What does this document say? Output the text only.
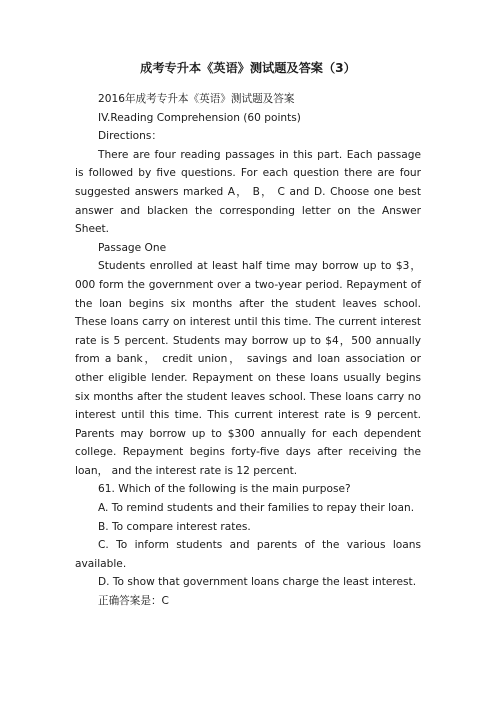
成考专升本《英语》测试题及答案（3）

2016年成考专升本《英语》测试题及答案

IV.Reading Comprehension (60 points)

Directions：

There are four reading passages in this part. Each passage is followed by five questions. For each question there are four suggested answers marked A， B， C and D. Choose one best answer and blacken the corresponding letter on the Answer Sheet.

Passage One

Students enrolled at least half time may borrow up to $3，000 form the government over a two-year period. Repayment of the loan begins six months after the student leaves school. These loans carry on interest until this time. The current interest rate is 5 percent. Students may borrow up to $4，500 annually from a bank， credit union， savings and loan association or other eligible lender. Repayment on these loans usually begins six months after the student leaves school. These loans carry no interest until this time. This current interest rate is 9 percent. Parents may borrow up to $300 annually for each dependent college. Repayment begins forty-five days after receiving the loan， and the interest rate is 12 percent.

61. Which of the following is the main purpose?

A. To remind students and their families to repay their loan.

B. To compare interest rates.

C. To inform students and parents of the various loans available.

D. To show that government loans charge the least interest.

正确答案是：C
